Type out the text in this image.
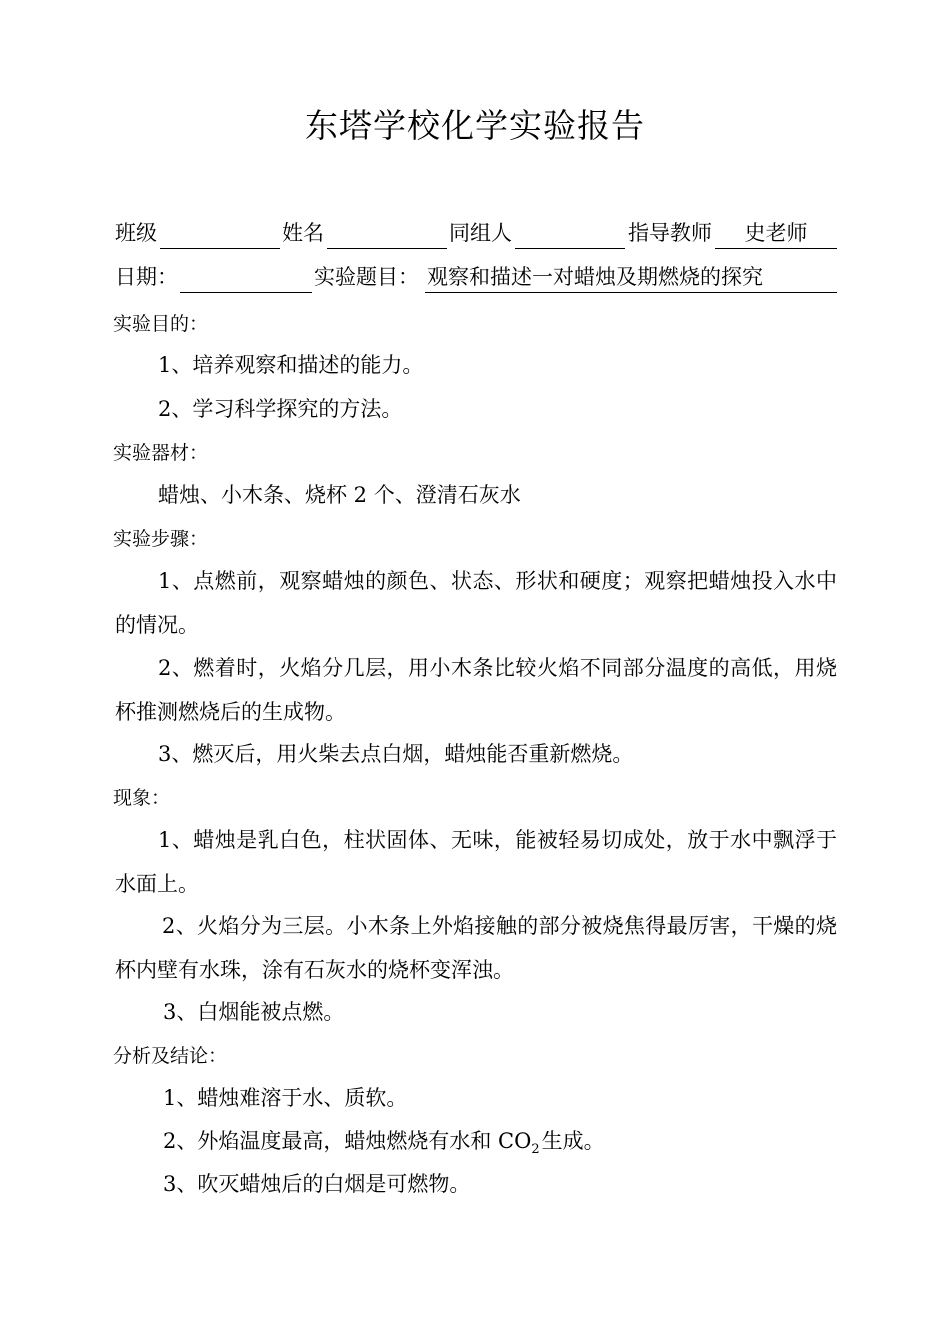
东塔学校化学实验报告
班级	姓名	同组人	指导教师	史老师
日期：	实验题目： 观察和描述一对蜡烛及期燃烧的探究
实验目的：
1、培养观察和描述的能力。
2、学习科学探究的方法。
实验器材：
蜡烛、小木条、烧杯 2 个、澄清石灰水
实验步骤：
1、点燃前，观察蜡烛的颜色、状态、形状和硬度；观察把蜡烛投入水中的情况。
2、燃着时，火焰分几层，用小木条比较火焰不同部分温度的高低，用烧杯推测燃烧后的生成物。
3、燃灭后，用火柴去点白烟，蜡烛能否重新燃烧。
现象：
1、蜡烛是乳白色，柱状固体、无味，能被轻易切成处，放于水中飘浮于水面上。
2、火焰分为三层。小木条上外焰接触的部分被烧焦得最厉害，干燥的烧杯内壁有水珠，涂有石灰水的烧杯变浑浊。
3、白烟能被点燃。
分析及结论：
1、蜡烛难溶于水、质软。
2、外焰温度最高，蜡烛燃烧有水和 $CO_2$生成。
3、吹灭蜡烛后的白烟是可燃物。
